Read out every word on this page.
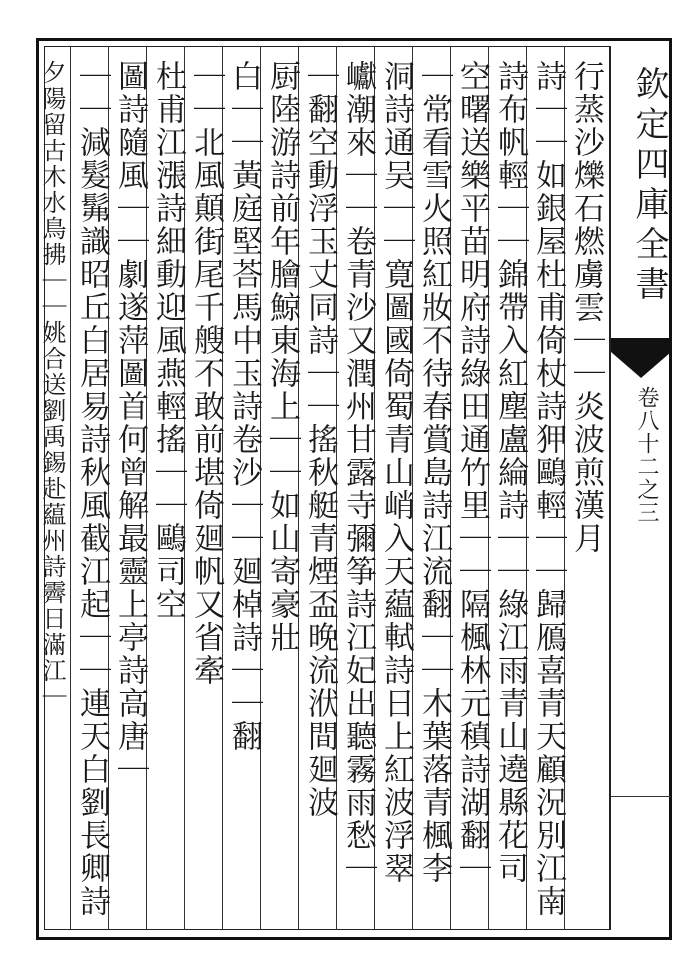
行蒸沙爍石燃虜雲｜｜炎波煎漢月
詩｜｜如銀屋杜甫倚杖詩狎鷗輕｜｜歸鴈喜青天顧況別江南
詩布帆輕｜｜錦帶入紅塵盧綸詩｜｜綠江雨青山遶縣花司
空曙送樂平苗明府詩綠田通竹里｜｜隔楓林元稹詩湖翻｜
｜常看雪火照紅妝不待春賞島詩江流翻｜｜木葉落青楓李
洞詩通吴｜｜寛圖國倚蜀青山峭入天藴軾詩日上紅波浮翠
巘潮來｜｜卷青沙又潤州甘露寺彌筝詩江妃出聽霧雨愁｜
｜翻空動浮玉丈同詩｜｜搖秋艇青煙盃晚流洑間廻波
厨陸游詩前年膾鯨東海上｜｜如山寄豪壯
白｜｜黃庭堅荅馬中玉詩卷沙｜｜廻棹詩｜｜翻
｜｜北風顛街尾千艘不敢前堪倚廻帆又省牽
杜甫江漲詩細動迎風燕輕搖｜｜鷗司空
圖詩隨風｜｜劇遂萍圖首何曾解最靈上亭詩高唐｜
｜｜減髮髴識昭丘白居易詩秋風截江起｜｜連天白劉長卿詩
夕陽留古木水鳥拂｜｜姚合送劉禹錫赴藴州詩霽日滿江｜	欽定四庫全書
卷八十二之三
